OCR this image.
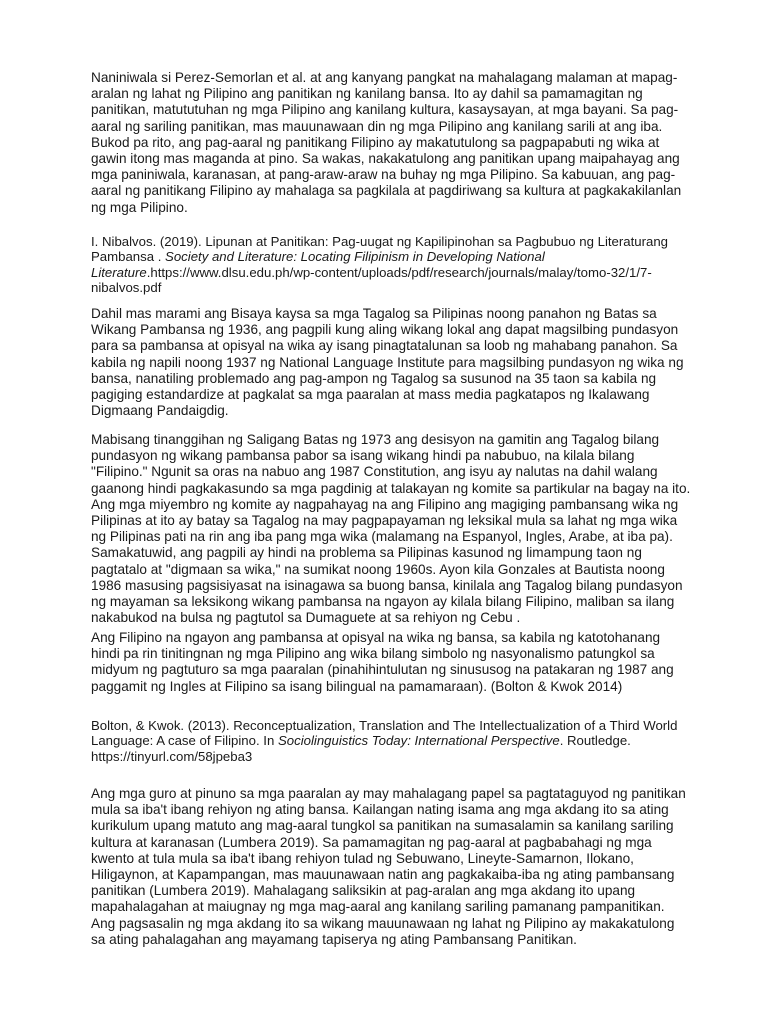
Naniniwala si Perez-Semorlan et al. at ang kanyang pangkat na mahalagang malaman at mapag-aralan ng lahat ng Pilipino ang panitikan ng kanilang bansa. Ito ay dahil sa pamamagitan ng panitikan, matututuhan ng mga Pilipino ang kanilang kultura, kasaysayan, at mga bayani. Sa pag-aaral ng sariling panitikan, mas mauunawaan din ng mga Pilipino ang kanilang sarili at ang iba. Bukod pa rito, ang pag-aaral ng panitikang Filipino ay makatutulong sa pagpapabuti ng wika at gawin itong mas maganda at pino. Sa wakas, nakakatulong ang panitikan upang maipahayag ang mga paniniwala, karanasan, at pang-araw-araw na buhay ng mga Pilipino. Sa kabuuan, ang pag-aaral ng panitikang Filipino ay mahalaga sa pagkilala at pagdiriwang sa kultura at pagkakakilanlan ng mga Pilipino.

I. Nibalvos. (2019). Lipunan at Panitikan: Pag-uugat ng Kapilipinohan sa Pagbubuo ng Literaturang Pambansa . Society and Literature: Locating Filipinism in Developing National Literature.https://www.dlsu.edu.ph/wp-content/uploads/pdf/research/journals/malay/tomo-32/1/7-nibalvos.pdf

Dahil mas marami ang Bisaya kaysa sa mga Tagalog sa Pilipinas noong panahon ng Batas sa Wikang Pambansa ng 1936, ang pagpili kung aling wikang lokal ang dapat magsilbing pundasyon para sa pambansa at opisyal na wika ay isang pinagtatalunan sa loob ng mahabang panahon. Sa kabila ng napili noong 1937 ng National Language Institute para magsilbing pundasyon ng wika ng bansa, nanatiling problemado ang pag-ampon ng Tagalog sa susunod na 35 taon sa kabila ng pagiging estandardize at pagkalat sa mga paaralan at mass media pagkatapos ng Ikalawang Digmaang Pandaigdig.

Mabisang tinanggihan ng Saligang Batas ng 1973 ang desisyon na gamitin ang Tagalog bilang pundasyon ng wikang pambansa pabor sa isang wikang hindi pa nabubuo, na kilala bilang "Filipino." Ngunit sa oras na nabuo ang 1987 Constitution, ang isyu ay nalutas na dahil walang gaanong hindi pagkakasundo sa mga pagdinig at talakayan ng komite sa partikular na bagay na ito. Ang mga miyembro ng komite ay nagpahayag na ang Filipino ang magiging pambansang wika ng Pilipinas at ito ay batay sa Tagalog na may pagpapayaman ng leksikal mula sa lahat ng mga wika ng Pilipinas pati na rin ang iba pang mga wika (malamang na Espanyol, Ingles, Arabe, at iba pa). Samakatuwid, ang pagpili ay hindi na problema sa Pilipinas kasunod ng limampung taon ng pagtatalo at "digmaan sa wika," na sumikat noong 1960s. Ayon kila Gonzales at Bautista noong 1986 masusing pagsisiyasat na isinagawa sa buong bansa, kinilala ang Tagalog bilang pundasyon ng mayaman sa leksikong wikang pambansa na ngayon ay kilala bilang Filipino, maliban sa ilang nakabukod na bulsa ng pagtutol sa Dumaguete at sa rehiyon ng Cebu .

Ang Filipino na ngayon ang pambansa at opisyal na wika ng bansa, sa kabila ng katotohanang hindi pa rin tinitingnan ng mga Pilipino ang wika bilang simbolo ng nasyonalismo patungkol sa midyum ng pagtuturo sa mga paaralan (pinahihintulutan ng sinususog na patakaran ng 1987 ang paggamit ng Ingles at Filipino sa isang bilingual na pamamaraan). (Bolton & Kwok 2014)

Bolton, & Kwok. (2013). Reconceptualization, Translation and The Intellectualization of a Third World Language: A case of Filipino. In Sociolinguistics Today: International Perspective. Routledge. https://tinyurl.com/58jpeba3

Ang mga guro at pinuno sa mga paaralan ay may mahalagang papel sa pagtataguyod ng panitikan mula sa iba't ibang rehiyon ng ating bansa. Kailangan nating isama ang mga akdang ito sa ating kurikulum upang matuto ang mag-aaral tungkol sa panitikan na sumasalamin sa kanilang sariling kultura at karanasan (Lumbera 2019). Sa pamamagitan ng pag-aaral at pagbabahagi ng mga kwento at tula mula sa iba't ibang rehiyon tulad ng Sebuwano, Lineyte-Samarnon, Ilokano, Hiligaynon, at Kapampangan, mas mauunawaan natin ang pagkakaiba-iba ng ating pambansang panitikan (Lumbera 2019). Mahalagang saliksikin at pag-aralan ang mga akdang ito upang mapahalagahan at maiugnay ng mga mag-aaral ang kanilang sariling pamanang pampanitikan. Ang pagsasalin ng mga akdang ito sa wikang mauunawaan ng lahat ng Pilipino ay makakatulong sa ating pahalagahan ang mayamang tapiserya ng ating Pambansang Panitikan.
